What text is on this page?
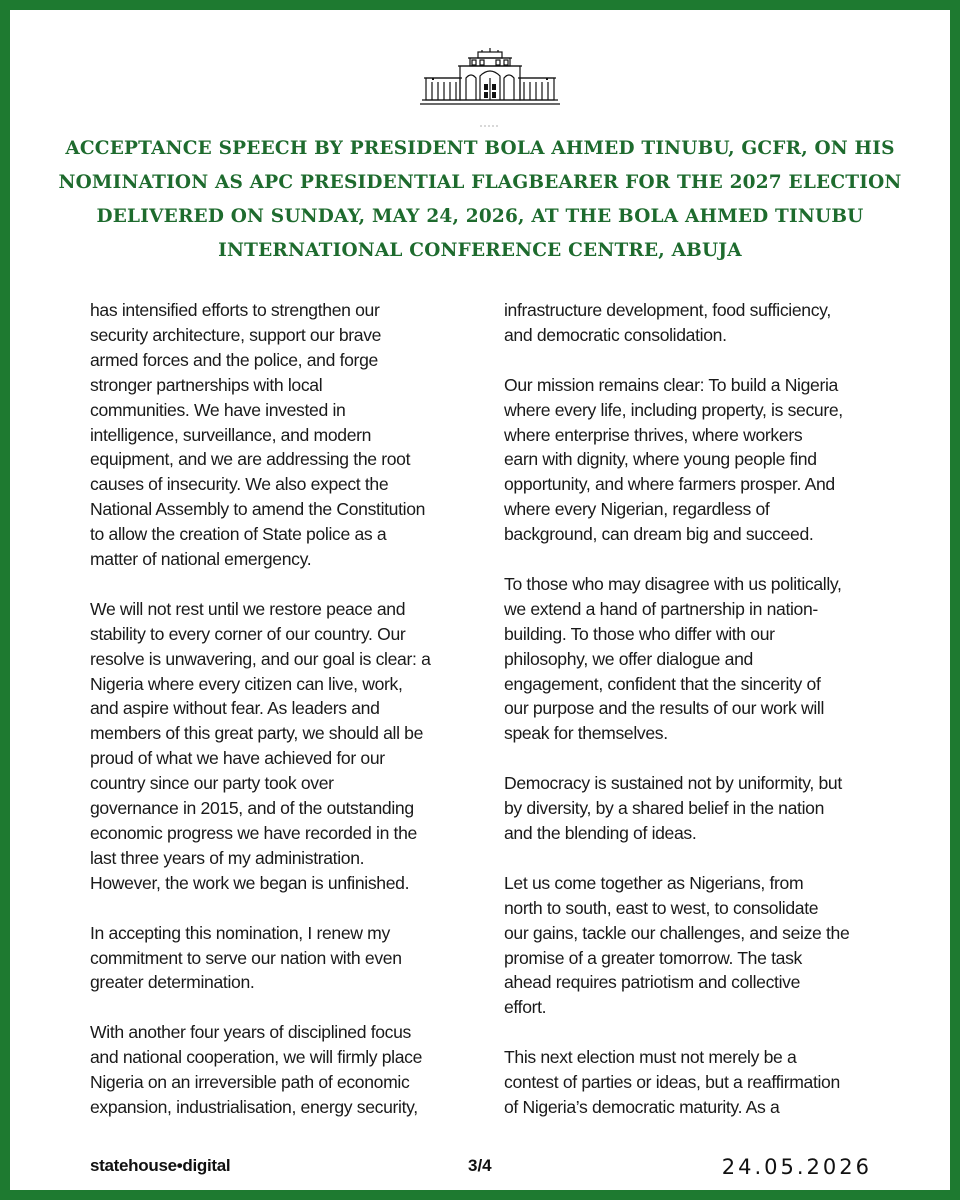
ACCEPTANCE SPEECH BY PRESIDENT BOLA AHMED TINUBU, GCFR, ON HIS
NOMINATION AS APC PRESIDENTIAL FLAGBEARER FOR THE 2027 ELECTION
DELIVERED ON SUNDAY, MAY 24, 2026, AT THE BOLA AHMED TINUBU
INTERNATIONAL CONFERENCE CENTRE, ABUJA
has intensified efforts to strengthen our
security architecture, support our brave
armed forces and the police, and forge
stronger partnerships with local
communities. We have invested in
intelligence, surveillance, and modern
equipment, and we are addressing the root
causes of insecurity. We also expect the
National Assembly to amend the Constitution
to allow the creation of State police as a
matter of national emergency.
We will not rest until we restore peace and
stability to every corner of our country. Our
resolve is unwavering, and our goal is clear: a
Nigeria where every citizen can live, work,
and aspire without fear. As leaders and
members of this great party, we should all be
proud of what we have achieved for our
country since our party took over
governance in 2015, and of the outstanding
economic progress we have recorded in the
last three years of my administration.
However, the work we began is unfinished.
In accepting this nomination, I renew my
commitment to serve our nation with even
greater determination.
With another four years of disciplined focus
and national cooperation, we will firmly place
Nigeria on an irreversible path of economic
expansion, industrialisation, energy security,
infrastructure development, food sufficiency,
and democratic consolidation.
Our mission remains clear: To build a Nigeria
where every life, including property, is secure,
where enterprise thrives, where workers
earn with dignity, where young people find
opportunity, and where farmers prosper. And
where every Nigerian, regardless of
background, can dream big and succeed.
To those who may disagree with us politically,
we extend a hand of partnership in nation-
building. To those who differ with our
philosophy, we offer dialogue and
engagement, confident that the sincerity of
our purpose and the results of our work will
speak for themselves.
Democracy is sustained not by uniformity, but
by diversity, by a shared belief in the nation
and the blending of ideas.
Let us come together as Nigerians, from
north to south, east to west, to consolidate
our gains, tackle our challenges, and seize the
promise of a greater tomorrow. The task
ahead requires patriotism and collective
effort.
This next election must not merely be a
contest of parties or ideas, but a reaffirmation
of Nigeria’s democratic maturity. As a
statehouse•digital	3/4	24.05.2026
